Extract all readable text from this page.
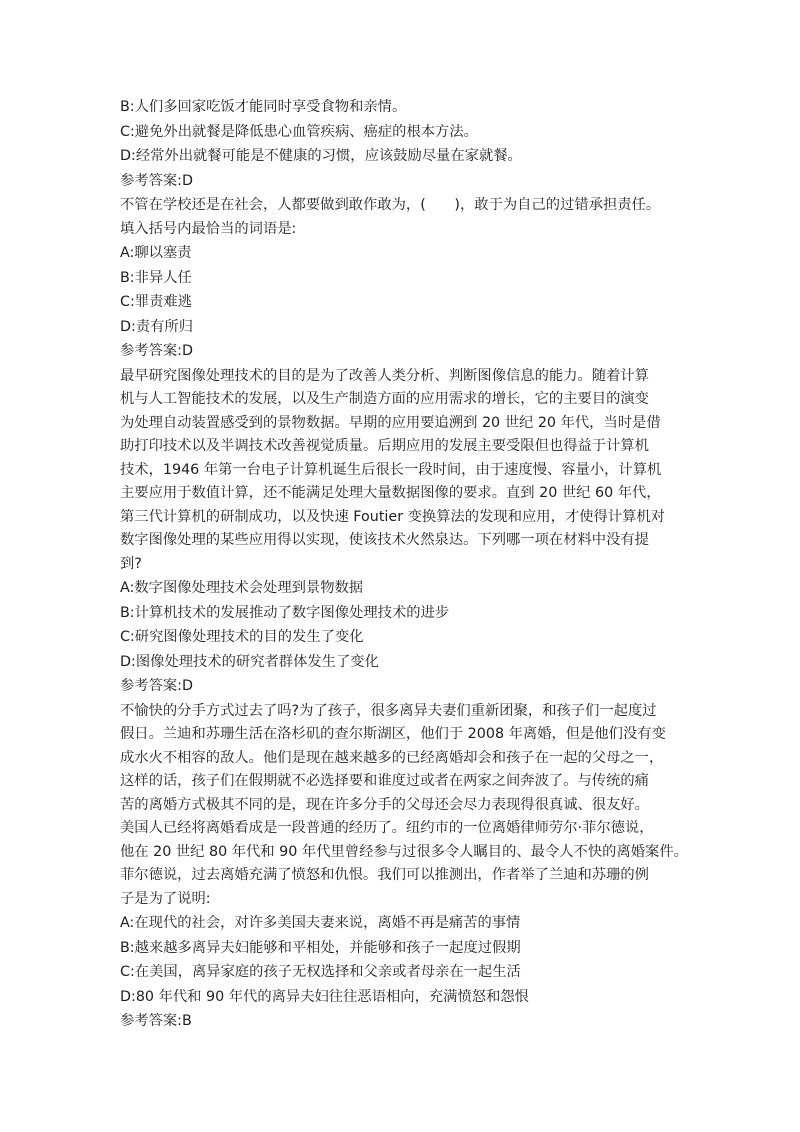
B:人们多回家吃饭才能同时享受食物和亲情。
C:避免外出就餐是降低患心血管疾病、癌症的根本方法。
D:经常外出就餐可能是不健康的习惯，应该鼓励尽量在家就餐。
参考答案:D
不管在学校还是在社会，人都要做到敢作敢为，(　　)，敢于为自己的过错承担责任。
填入括号内最恰当的词语是:
A:聊以塞责
B:非异人任
C:罪责难逃
D:责有所归
参考答案:D
最早研究图像处理技术的目的是为了改善人类分析、判断图像信息的能力。随着计算
机与人工智能技术的发展，以及生产制造方面的应用需求的增长，它的主要目的演变
为处理自动装置感受到的景物数据。早期的应用要追溯到 20 世纪 20 年代，当时是借
助打印技术以及半调技术改善视觉质量。后期应用的发展主要受限但也得益于计算机
技术，1946 年第一台电子计算机诞生后很长一段时间，由于速度慢、容量小，计算机
主要应用于数值计算，还不能满足处理大量数据图像的要求。直到 20 世纪 60 年代，
第三代计算机的研制成功，以及快速 Foutier 变换算法的发现和应用，才使得计算机对
数字图像处理的某些应用得以实现，使该技术火然泉达。下列哪一项在材料中没有提
到?
A:数字图像处理技术会处理到景物数据
B:计算机技术的发展推动了数字图像处理技术的进步
C:研究图像处理技术的目的发生了变化
D:图像处理技术的研究者群体发生了变化
参考答案:D
不愉快的分手方式过去了吗?为了孩子，很多离异夫妻们重新团聚，和孩子们一起度过
假日。兰迪和苏珊生活在洛杉矶的查尔斯湖区，他们于 2008 年离婚，但是他们没有变
成水火不相容的敌人。他们是现在越来越多的已经离婚却会和孩子在一起的父母之一，
这样的话，孩子们在假期就不必选择要和谁度过或者在两家之间奔波了。与传统的痛
苦的离婚方式极其不同的是，现在许多分手的父母还会尽力表现得很真诚、很友好。
美国人已经将离婚看成是一段普通的经历了。纽约市的一位离婚律师劳尔·菲尔德说，
他在 20 世纪 80 年代和 90 年代里曾经参与过很多令人瞩目的、最令人不快的离婚案件。
菲尔德说，过去离婚充满了愤怒和仇恨。我们可以推测出，作者举了兰迪和苏珊的例
子是为了说明:
A:在现代的社会，对许多美国夫妻来说，离婚不再是痛苦的事情
B:越来越多离异夫妇能够和平相处，并能够和孩子一起度过假期
C:在美国，离异家庭的孩子无权选择和父亲或者母亲在一起生活
D:80 年代和 90 年代的离异夫妇往往恶语相向，充满愤怒和怨恨
参考答案:B
